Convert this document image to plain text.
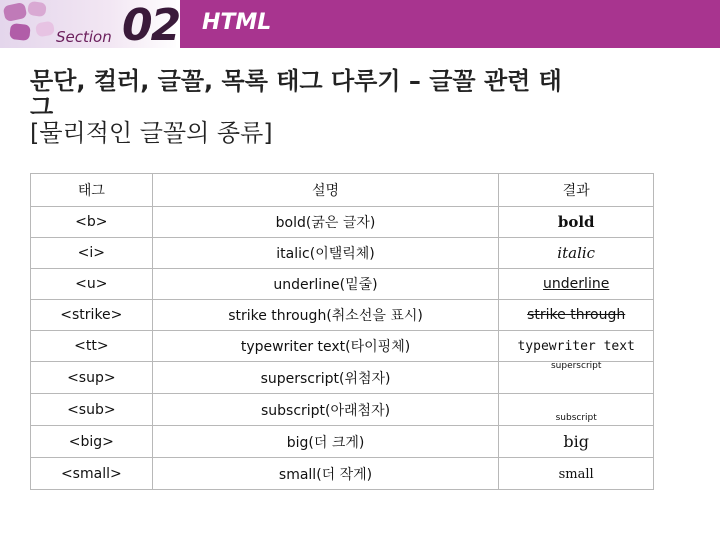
Section 02 HTML
문단, 컬러, 글꼴, 목록 태그 다루기 – 글꼴 관련 태
그
[물리적인 글꼴의 종류]
태그	설명	결과
<b>	bold(굵은 글자)	bold
<i>	italic(이탤릭체)	italic
<u>	underline(밑줄)	underline
<strike>	strike through(취소선을 표시)	strike through
<tt>	typewriter text(타이핑체)	typewriter text
<sup>	superscript(위첨자)	$^{superscript}$
<sub>	subscript(아래첨자)	$_{subscript}$
<big>	big(더 크게)	big
<small>	small(더 작게)	small
